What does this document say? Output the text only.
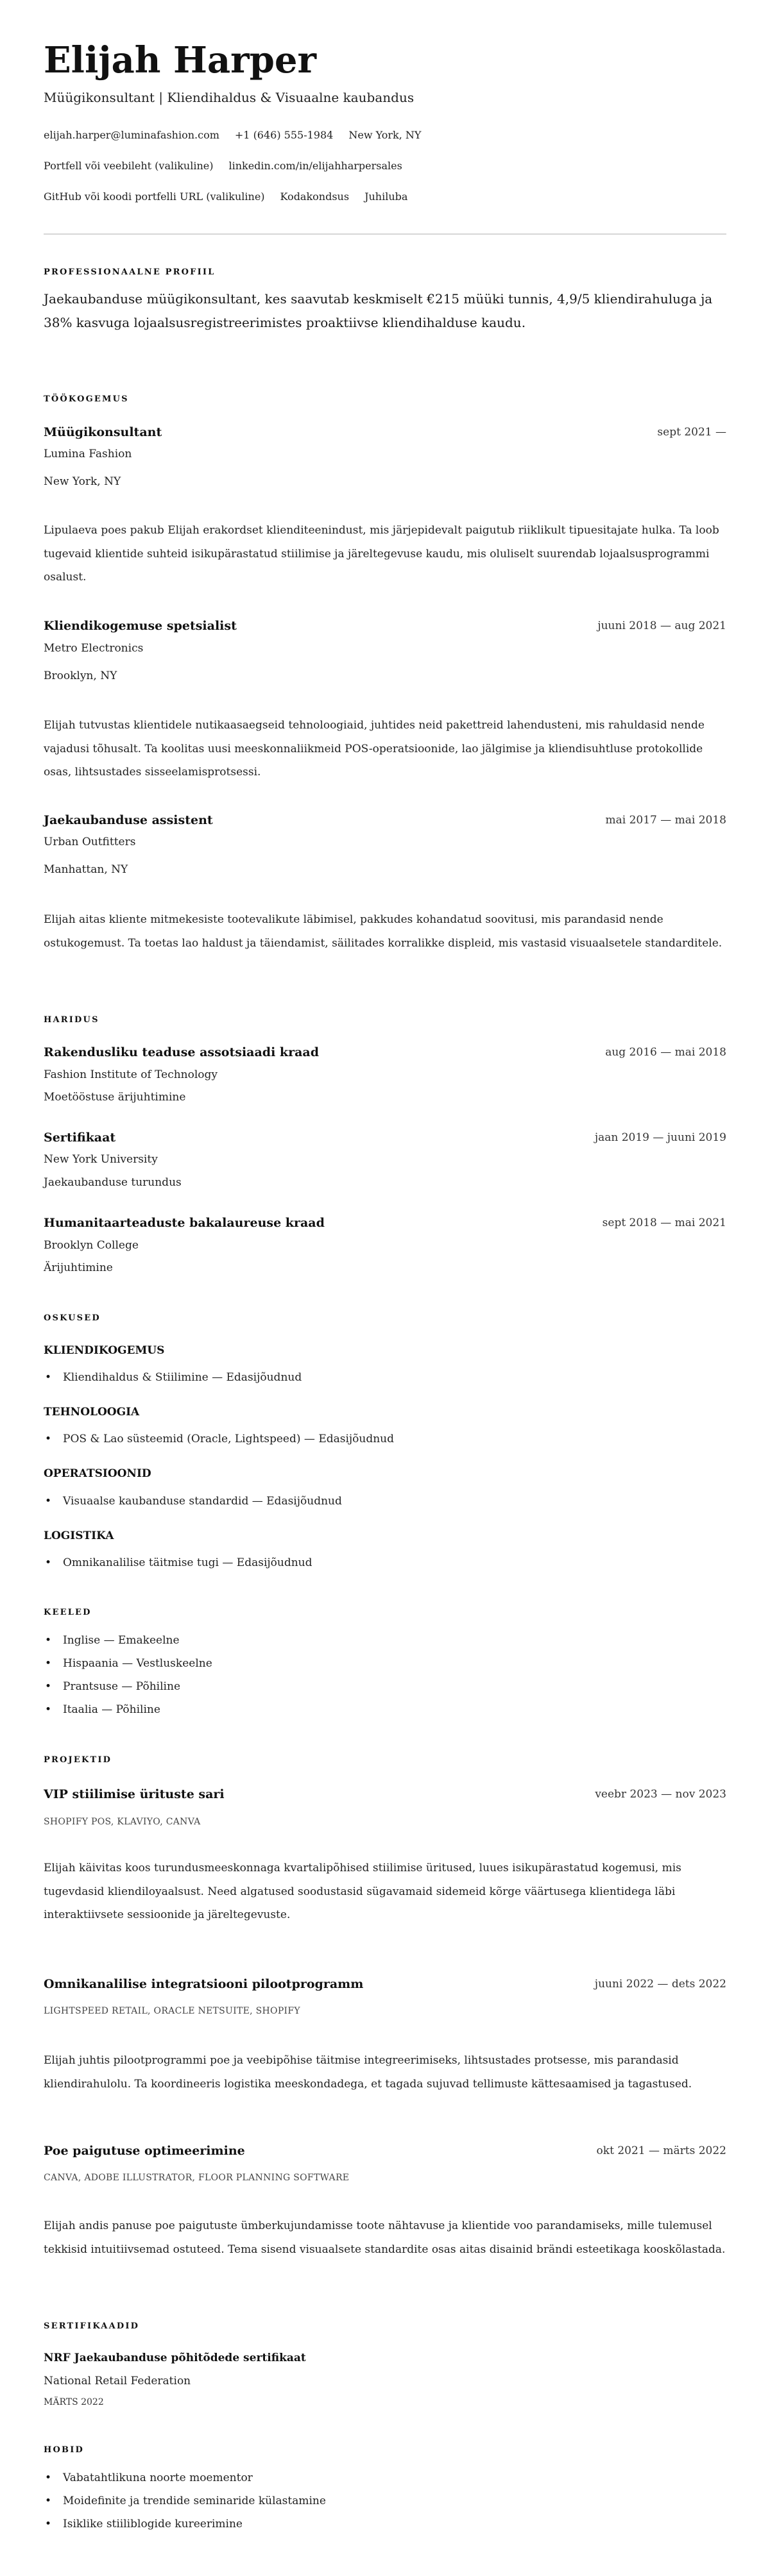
Elijah Harper
Müügikonsultant | Kliendihaldus & Visuaalne kaubandus
elijah.harper@luminafashion.com +1 (646) 555-1984 New York, NY
Portfell või veebileht (valikuline) linkedin.com/in/elijahharpersales
GitHub või koodi portfelli URL (valikuline) Kodakondsus Juhiluba
PROFESSIONAALNE PROFIIL
Jaekaubanduse müügikonsultant, kes saavutab keskmiselt €215 müüki tunnis, 4,9/5 kliendirahuluga ja 38% kasvuga lojaalsusregistreerimistes proaktiivse kliendihalduse kaudu.
TÖÖKOGEMUS
Müügikonsultant	sept 2021 —
Lumina Fashion
New York, NY
Lipulaeva poes pakub Elijah erakordset klienditeenindust, mis järjepidevalt paigutub riiklikult tipuesitajate hulka. Ta loob tugevaid klientide suhteid isikupärastatud stiilimise ja järeltegevuse kaudu, mis oluliselt suurendab lojaalsusprogrammi osalust.
Kliendikogemuse spetsialist	juuni 2018 — aug 2021
Metro Electronics
Brooklyn, NY
Elijah tutvustas klientidele nutikaasaegseid tehnoloogiaid, juhtides neid pakettreid lahendusteni, mis rahuldasid nende vajadusi tõhusalt. Ta koolitas uusi meeskonnaliikmeid POS-operatsioonide, lao jälgimise ja kliendisuhtluse protokollide osas, lihtsustades sisseelamisprotsessi.
Jaekaubanduse assistent	mai 2017 — mai 2018
Urban Outfitters
Manhattan, NY
Elijah aitas kliente mitmekesiste tootevalikute läbimisel, pakkudes kohandatud soovitusi, mis parandasid nende ostukogemust. Ta toetas lao haldust ja täiendamist, säilitades korralikke displeid, mis vastasid visuaalsetele standarditele.
HARIDUS
Rakendusliku teaduse assotsiaadi kraad	aug 2016 — mai 2018
Fashion Institute of Technology
Moetööstuse ärijuhtimine
Sertifikaat	jaan 2019 — juuni 2019
New York University
Jaekaubanduse turundus
Humanitaarteaduste bakalaureuse kraad	sept 2018 — mai 2021
Brooklyn College
Ärijuhtimine
OSKUSED
KLIENDIKOGEMUS
• Kliendihaldus & Stiilimine — Edasijõudnud
TEHNOLOOGIA
• POS & Lao süsteemid (Oracle, Lightspeed) — Edasijõudnud
OPERATSIOONID
• Visuaalse kaubanduse standardid — Edasijõudnud
LOGISTIKA
• Omnikanalilise täitmise tugi — Edasijõudnud
KEELED
• Inglise — Emakeelne
• Hispaania — Vestluskeelne
• Prantsuse — Põhiline
• Itaalia — Põhiline
PROJEKTID
VIP stiilimise ürituste sari	veebr 2023 — nov 2023
SHOPIFY POS, KLAVIYO, CANVA
Elijah käivitas koos turundusmeeskonnaga kvartalipõhised stiilimise üritused, luues isikupärastatud kogemusi, mis tugevdasid kliendiloyaalsust. Need algatused soodustasid sügavamaid sidemeid kõrge väärtusega klientidega läbi interaktiivsete sessioonide ja järeltegevuste.
Omnikanalilise integratsiooni pilootprogramm	juuni 2022 — dets 2022
LIGHTSPEED RETAIL, ORACLE NETSUITE, SHOPIFY
Elijah juhtis pilootprogrammi poe ja veebipõhise täitmise integreerimiseks, lihtsustades protsesse, mis parandasid kliendirahulolu. Ta koordineeris logistika meeskondadega, et tagada sujuvad tellimuste kättesaamised ja tagastused.
Poe paigutuse optimeerimine	okt 2021 — märts 2022
CANVA, ADOBE ILLUSTRATOR, FLOOR PLANNING SOFTWARE
Elijah andis panuse poe paigutuste ümberkujundamisse toote nähtavuse ja klientide voo parandamiseks, mille tulemusel tekkisid intuitiivsemad ostuteed. Tema sisend visuaalsete standardite osas aitas disainid brändi esteetikaga kooskõlastada.
SERTIFIKAADID
NRF Jaekaubanduse põhitõdede sertifikaat
National Retail Federation
MÄRTS 2022
HOBID
• Vabatahtlikuna noorte moementor
• Moidefinite ja trendide seminaride külastamine
• Isiklike stiiliblogide kureerimine
